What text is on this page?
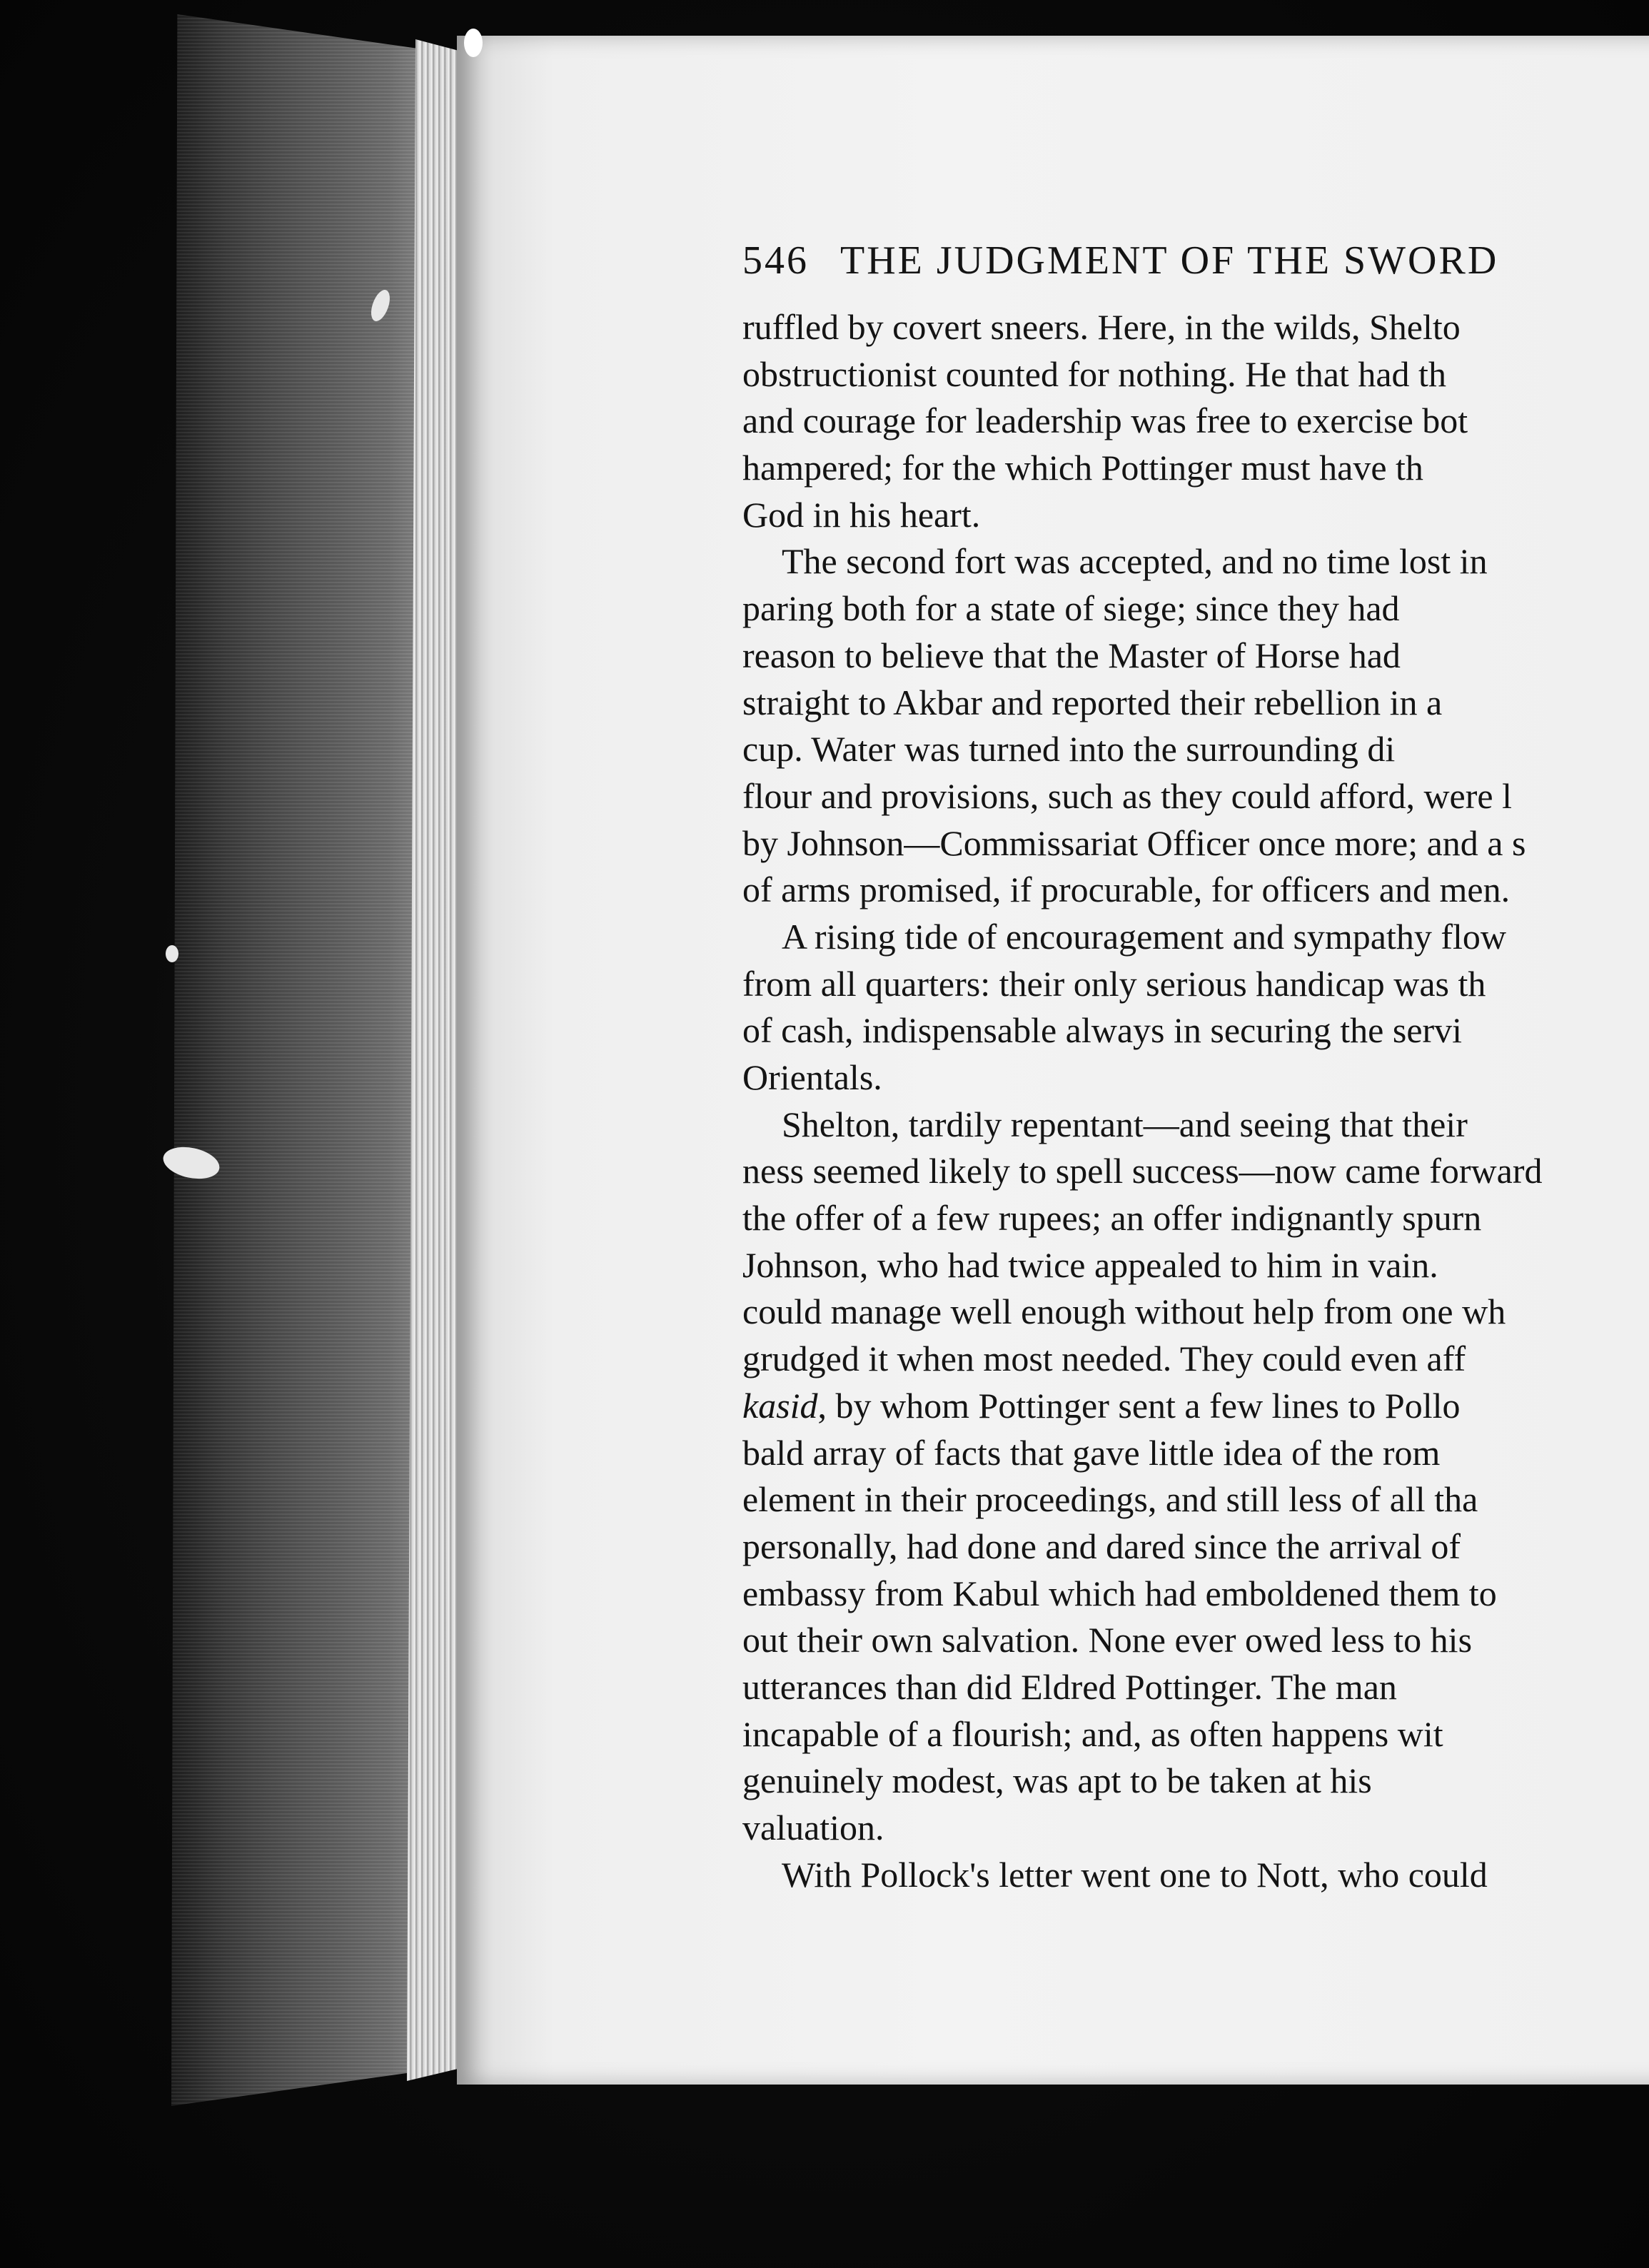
546 THE JUDGMENT OF THE SWORD
ruffled by covert sneers. Here, in the wilds, Shelto
obstructionist counted for nothing. He that had th
and courage for leadership was free to exercise bot
hampered; for the which Pottinger must have th
God in his heart.
The second fort was accepted, and no time lost in
paring both for a state of siege; since they had
reason to believe that the Master of Horse had
straight to Akbar and reported their rebellion in a
cup. Water was turned into the surrounding di
flour and provisions, such as they could afford, were l
by Johnson—Commissariat Officer once more; and a s
of arms promised, if procurable, for officers and men.
A rising tide of encouragement and sympathy flow
from all quarters: their only serious handicap was th
of cash, indispensable always in securing the servi
Orientals.
Shelton, tardily repentant—and seeing that their
ness seemed likely to spell success—now came forward
the offer of a few rupees; an offer indignantly spurn
Johnson, who had twice appealed to him in vain.
could manage well enough without help from one wh
grudged it when most needed. They could even aff
kasid, by whom Pottinger sent a few lines to Pollo
bald array of facts that gave little idea of the rom
element in their proceedings, and still less of all tha
personally, had done and dared since the arrival of
embassy from Kabul which had emboldened them to
out their own salvation. None ever owed less to his
utterances than did Eldred Pottinger. The man
incapable of a flourish; and, as often happens wit
genuinely modest, was apt to be taken at his
valuation.
With Pollock's letter went one to Nott, who could
